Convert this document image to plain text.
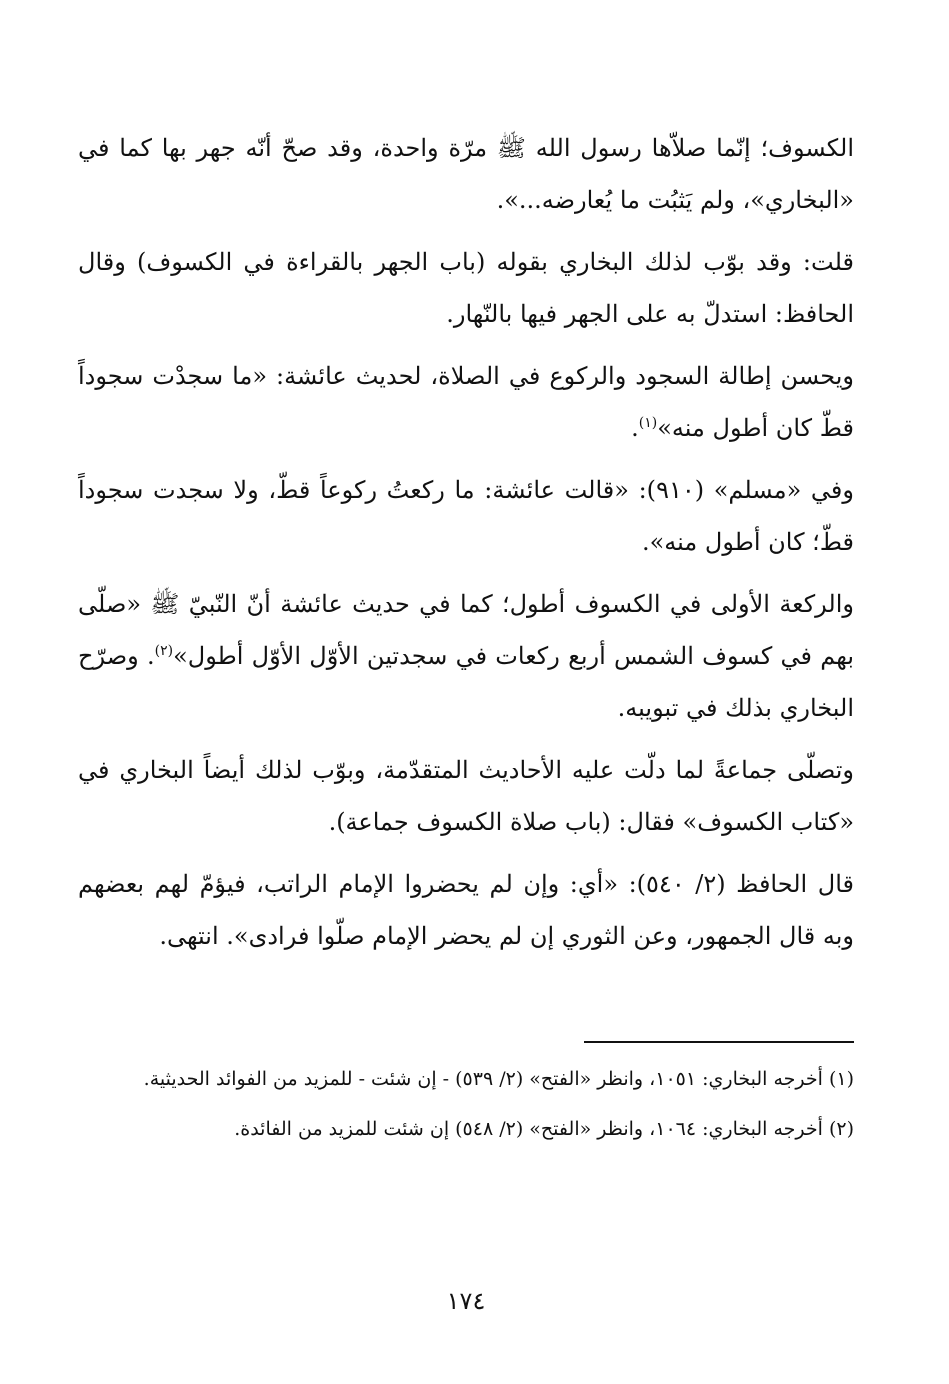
الكسوف؛ إنّما صلاّها رسول الله ﷺ مرّة واحدة، وقد صحّ أنّه جهر بها كما في «البخاري»، ولم يَثبُت ما يُعارضه...».

قلت: وقد بوّب لذلك البخاري بقوله (باب الجهر بالقراءة في الكسوف) وقال الحافظ: استدلّ به على الجهر فيها بالنّهار.

ويحسن إطالة السجود والركوع في الصلاة، لحديث عائشة: «ما سجدْت سجوداً قطّ كان أطول منه»$^{(١)}$.

وفي «مسلم» (٩١٠): «قالت عائشة: ما ركعتُ ركوعاً قطّ، ولا سجدت سجوداً قطّ؛ كان أطول منه».

والركعة الأولى في الكسوف أطول؛ كما في حديث عائشة أنّ النّبيّ ﷺ «صلّى بهم في كسوف الشمس أربع ركعات في سجدتين الأوّل الأوّل أطول»$^{(٢)}$. وصرّح البخاري بذلك في تبويبه.

وتصلّى جماعةً لما دلّت عليه الأحاديث المتقدّمة، وبوّب لذلك أيضاً البخاري في «كتاب الكسوف» فقال: (باب صلاة الكسوف جماعة).

قال الحافظ (٢/ ٥٤٠): «أي: وإن لم يحضروا الإمام الراتب، فيؤمّ لهم بعضهم وبه قال الجمهور، وعن الثوري إن لم يحضر الإمام صلّوا فرادى». انتهى.

(١) أخرجه البخاري: ١٠٥١، وانظر «الفتح» (٢/ ٥٣٩) - إن شئت - للمزيد من الفوائد الحديثية.

(٢) أخرجه البخاري: ١٠٦٤، وانظر «الفتح» (٢/ ٥٤٨) إن شئت للمزيد من الفائدة.

١٧٤
